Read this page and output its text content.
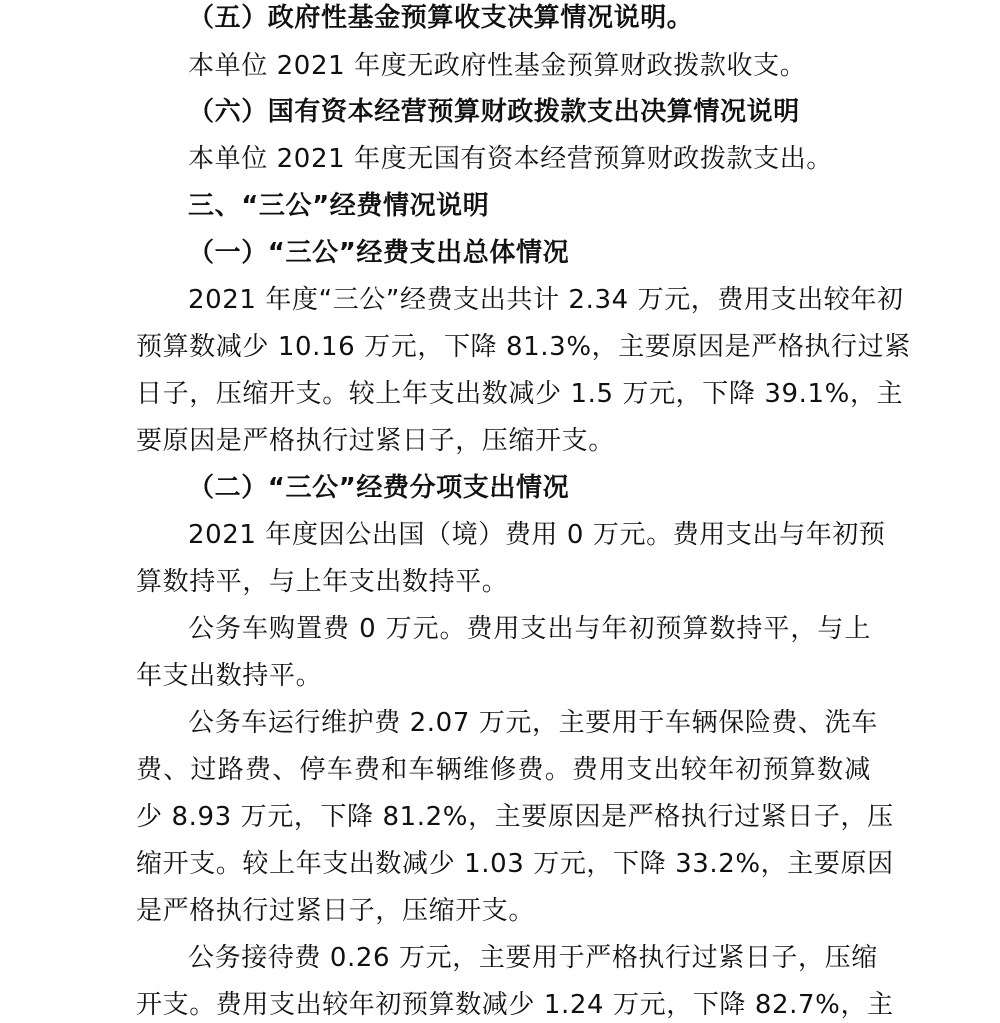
（五）政府性基金预算收支决算情况说明。
本单位 2021 年度无政府性基金预算财政拨款收支。
（六）国有资本经营预算财政拨款支出决算情况说明
本单位 2021 年度无国有资本经营预算财政拨款支出。
三、“三公”经费情况说明
（一）“三公”经费支出总体情况
2021 年度“三公”经费支出共计 2.34 万元，费用支出较年初
预算数减少 10.16 万元，下降 81.3%，主要原因是严格执行过紧
日子，压缩开支。较上年支出数减少 1.5 万元，下降 39.1%，主
要原因是严格执行过紧日子，压缩开支。
（二）“三公”经费分项支出情况
2021 年度因公出国（境）费用 0 万元。费用支出与年初预
算数持平，与上年支出数持平。
公务车购置费 0 万元。费用支出与年初预算数持平，与上
年支出数持平。
公务车运行维护费 2.07 万元，主要用于车辆保险费、洗车
费、过路费、停车费和车辆维修费。费用支出较年初预算数减
少 8.93 万元，下降 81.2%，主要原因是严格执行过紧日子，压
缩开支。较上年支出数减少 1.03 万元，下降 33.2%，主要原因
是严格执行过紧日子，压缩开支。
公务接待费 0.26 万元，主要用于严格执行过紧日子，压缩
开支。费用支出较年初预算数减少 1.24 万元，下降 82.7%，主
